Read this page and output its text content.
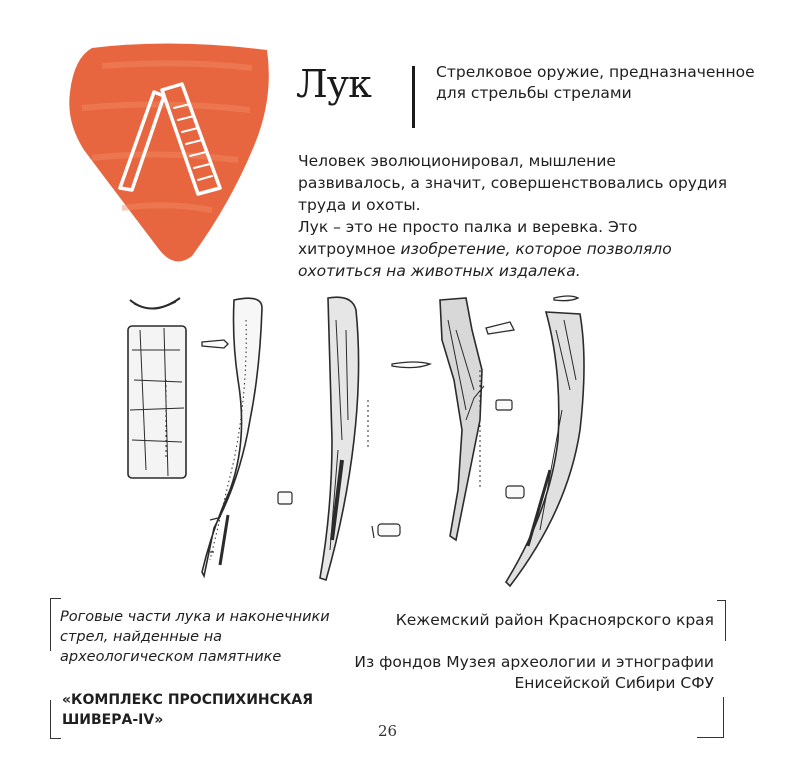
Л
Лук	Стрелковое оружие, предназначенное для стрельбы стрелами
Человек эволюционировал, мышление развивалось, а значит, совершенствовались орудия труда и охоты.
Лук – это не просто палка и веревка. Это хитроумное изобретение, которое позволяло охотиться на животных издалека.
Роговые части лука и наконечники стрел, найденные на археологическом памятнике
«КОМПЛЕКС ПРОСПИХИНСКАЯ ШИВЕРА-IV»
Кежемский район Красноярского края
Из фондов Музея археологии и этнографии Енисейской Сибири СФУ
26
